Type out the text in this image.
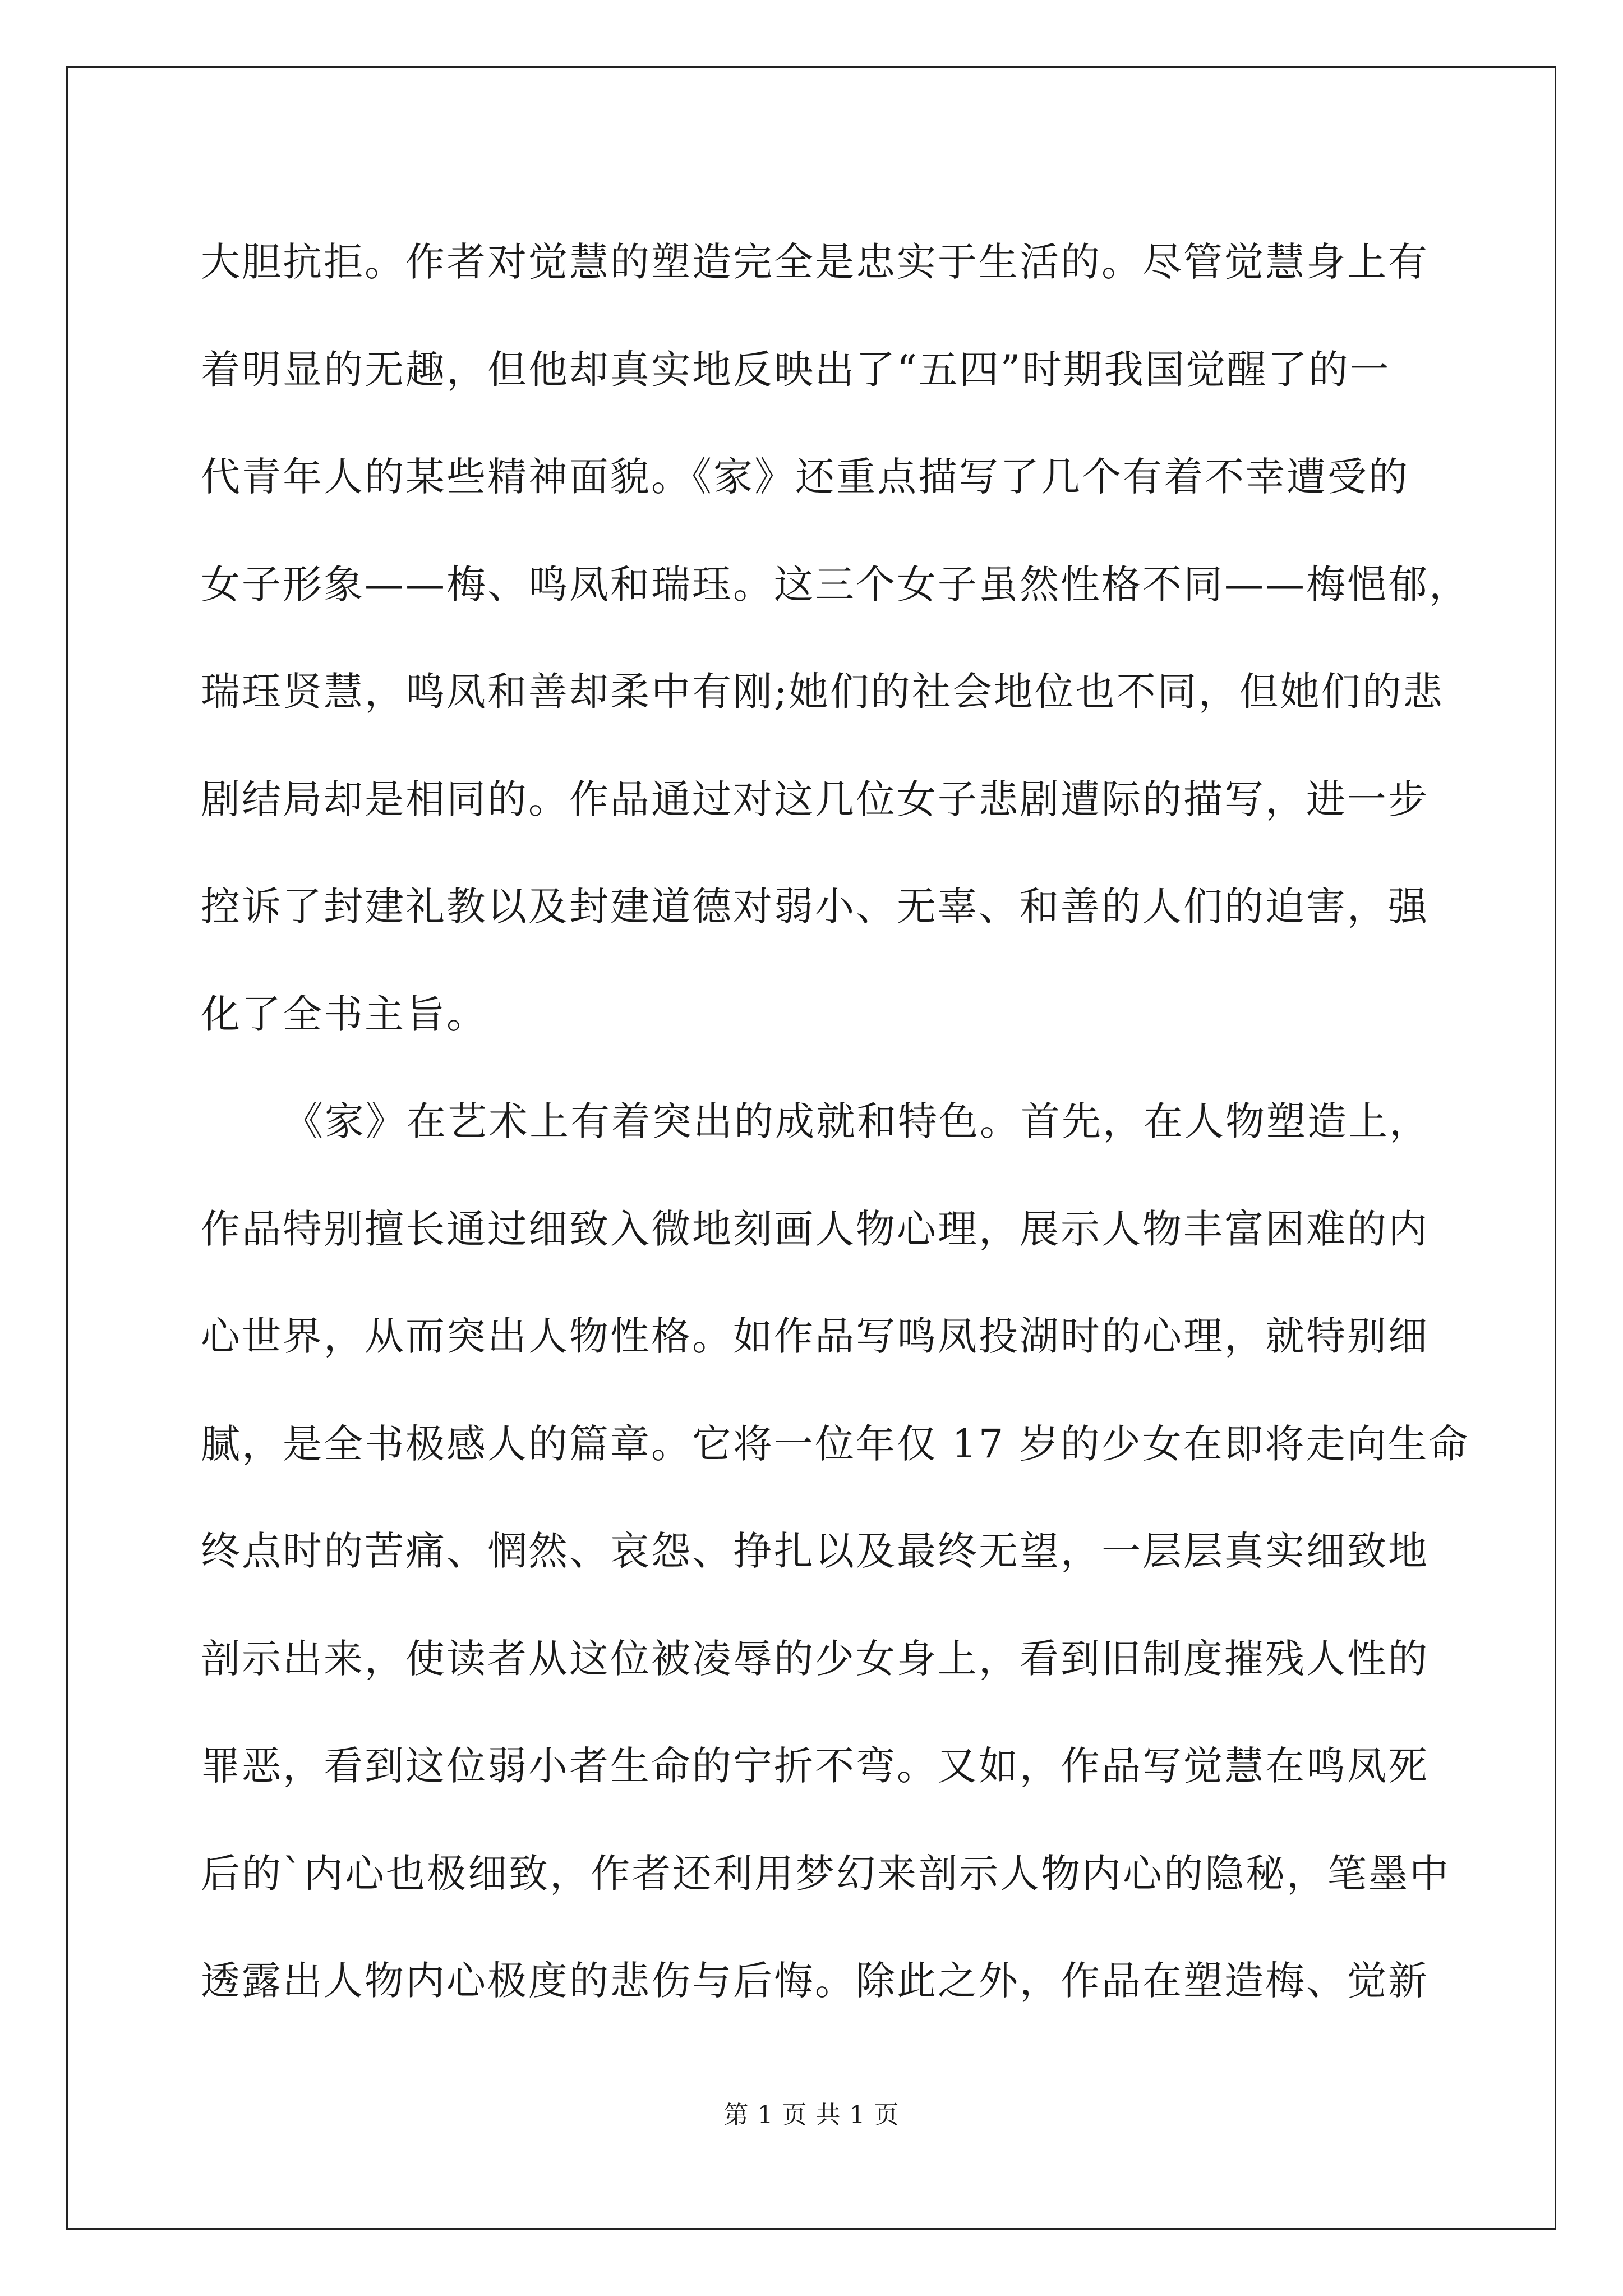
大胆抗拒。作者对觉慧的塑造完全是忠实于生活的。尽管觉慧身上有
着明显的无趣，但他却真实地反映出了“五四”时期我国觉醒了的一
代青年人的某些精神面貌。《家》还重点描写了几个有着不幸遭受的
女子形象——梅、鸣凤和瑞珏。这三个女子虽然性格不同——梅悒郁，
瑞珏贤慧，鸣凤和善却柔中有刚;她们的社会地位也不同，但她们的悲
剧结局却是相同的。作品通过对这几位女子悲剧遭际的描写，进一步
控诉了封建礼教以及封建道德对弱小、无辜、和善的人们的迫害，强
化了全书主旨。
《家》在艺术上有着突出的成就和特色。首先，在人物塑造上，
作品特别擅长通过细致入微地刻画人物心理，展示人物丰富困难的内
心世界，从而突出人物性格。如作品写鸣凤投湖时的心理，就特别细
腻，是全书极感人的篇章。它将一位年仅 17 岁的少女在即将走向生命
终点时的苦痛、惘然、哀怨、挣扎以及最终无望，一层层真实细致地
剖示出来，使读者从这位被凌辱的少女身上，看到旧制度摧残人性的
罪恶，看到这位弱小者生命的宁折不弯。又如，作品写觉慧在鸣凤死
后的`内心也极细致，作者还利用梦幻来剖示人物内心的隐秘，笔墨中
透露出人物内心极度的悲伤与后悔。除此之外，作品在塑造梅、觉新
第 1 页 共 1 页
